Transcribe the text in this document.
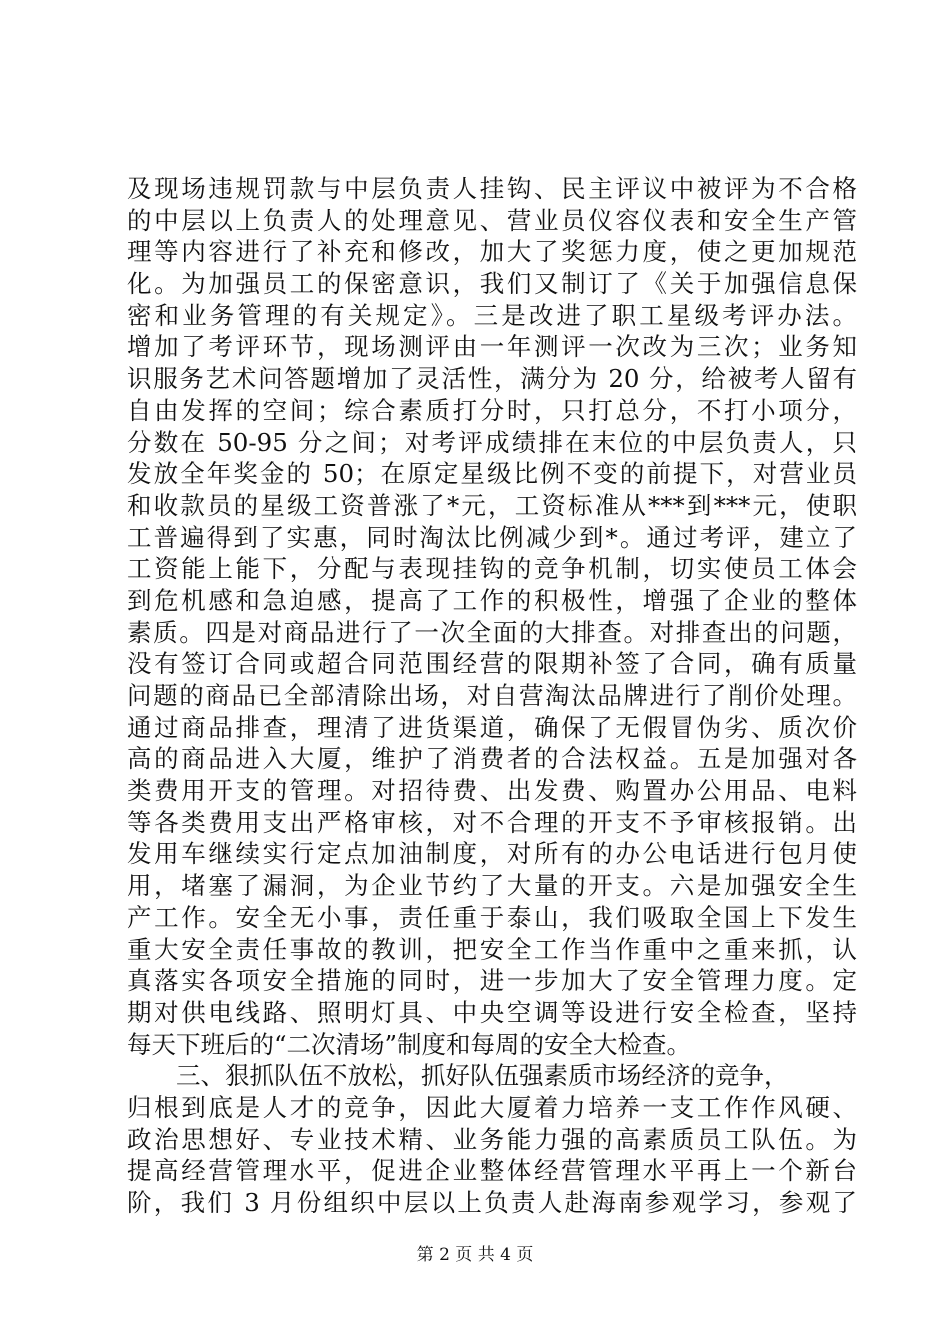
及现场违规罚款与中层负责人挂钩、民主评议中被评为不合格
的中层以上负责人的处理意见、营业员仪容仪表和安全生产管
理等内容进行了补充和修改，加大了奖惩力度，使之更加规范
化。为加强员工的保密意识，我们又制订了《关于加强信息保
密和业务管理的有关规定》。三是改进了职工星级考评办法。
增加了考评环节，现场测评由一年测评一次改为三次；业务知
识服务艺术问答题增加了灵活性，满分为 20 分，给被考人留有
自由发挥的空间；综合素质打分时，只打总分，不打小项分，
分数在 50-95 分之间；对考评成绩排在末位的中层负责人，只
发放全年奖金的 50；在原定星级比例不变的前提下，对营业员
和收款员的星级工资普涨了*元，工资标准从***到***元，使职
工普遍得到了实惠，同时淘汰比例减少到*。通过考评，建立了
工资能上能下，分配与表现挂钩的竞争机制，切实使员工体会
到危机感和急迫感，提高了工作的积极性，增强了企业的整体
素质。四是对商品进行了一次全面的大排查。对排查出的问题，
没有签订合同或超合同范围经营的限期补签了合同，确有质量
问题的商品已全部清除出场，对自营淘汰品牌进行了削价处理。
通过商品排查，理清了进货渠道，确保了无假冒伪劣、质次价
高的商品进入大厦，维护了消费者的合法权益。五是加强对各
类费用开支的管理。对招待费、出发费、购置办公用品、电料
等各类费用支出严格审核，对不合理的开支不予审核报销。出
发用车继续实行定点加油制度，对所有的办公电话进行包月使
用，堵塞了漏洞，为企业节约了大量的开支。六是加强安全生
产工作。安全无小事，责任重于泰山，我们吸取全国上下发生
重大安全责任事故的教训，把安全工作当作重中之重来抓，认
真落实各项安全措施的同时，进一步加大了安全管理力度。定
期对供电线路、照明灯具、中央空调等设进行安全检查，坚持
每天下班后的“二次清场”制度和每周的安全大检查。
三、狠抓队伍不放松，抓好队伍强素质市场经济的竞争，
归根到底是人才的竞争，因此大厦着力培养一支工作作风硬、
政治思想好、专业技术精、业务能力强的高素质员工队伍。为
提高经营管理水平，促进企业整体经营管理水平再上一个新台
阶，我们 3 月份组织中层以上负责人赴海南参观学习，参观了
第 2 页 共 4 页
